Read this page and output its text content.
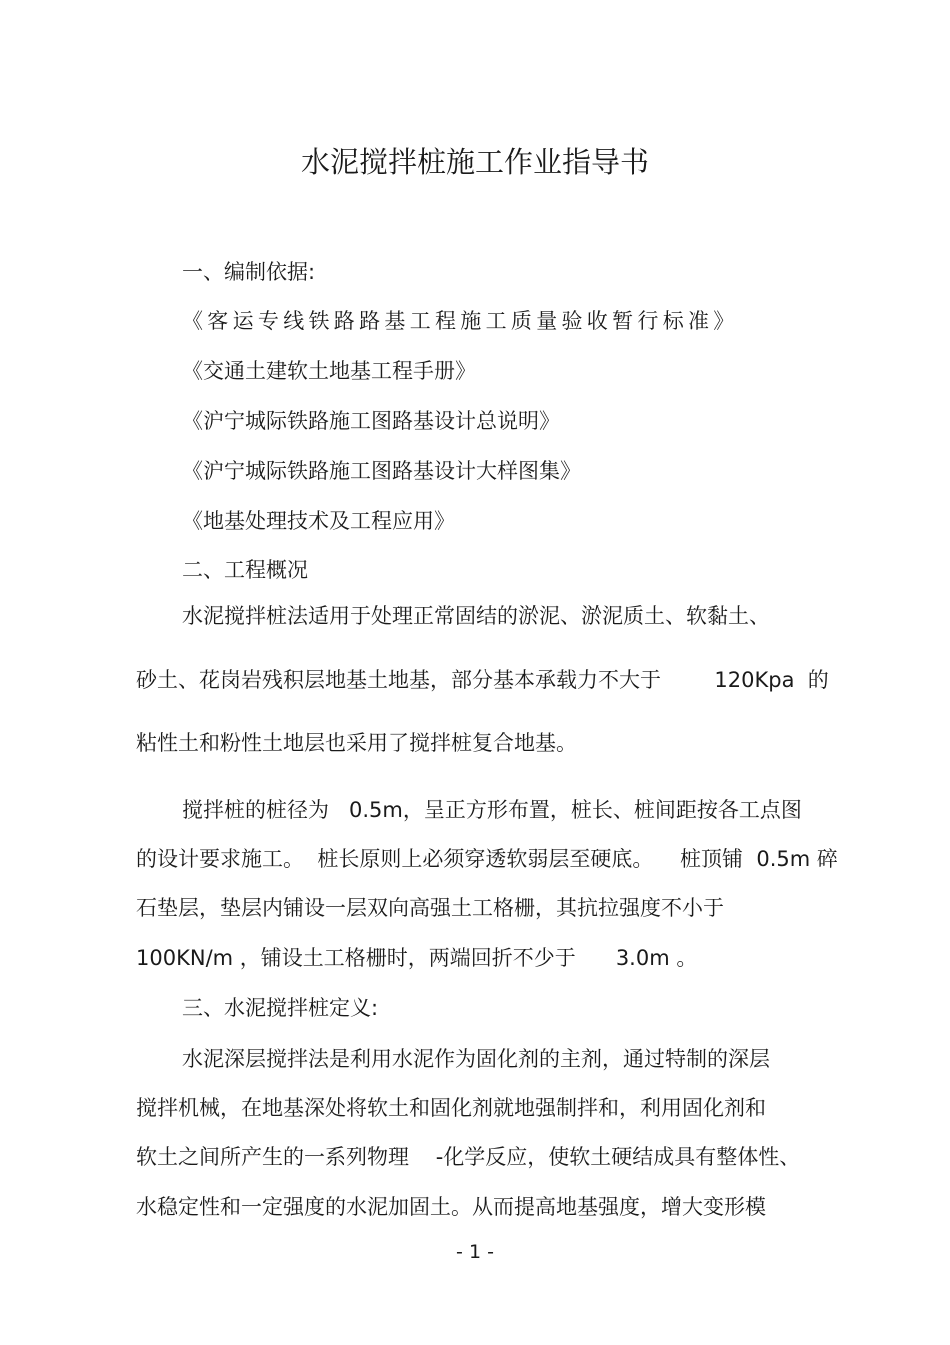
水泥搅拌桩施工作业指导书
一、编制依据:
《客运专线铁路路基工程施工质量验收暂行标准》
《交通土建软土地基工程手册》
《沪宁城际铁路施工图路基设计总说明》
《沪宁城际铁路施工图路基设计大样图集》
《地基处理技术及工程应用》
二、工程概况
水泥搅拌桩法适用于处理正常固结的淤泥、淤泥质土、软黏土、
砂土、花岗岩残积层地基土地基，部分基本承载力不大于        120Kpa  的
粘性土和粉性土地层也采用了搅拌桩复合地基。
搅拌桩的桩径为   0.5m，呈正方形布置，桩长、桩间距按各工点图
的设计要求施工。  桩长原则上必须穿透软弱层至硬底。    桩顶铺  0.5m 碎
石垫层，垫层内铺设一层双向高强土工格栅，其抗拉强度不小于
100KN/m ，铺设土工格栅时，两端回折不少于      3.0m 。
三、水泥搅拌桩定义:
水泥深层搅拌法是利用水泥作为固化剂的主剂，通过特制的深层
搅拌机械，在地基深处将软土和固化剂就地强制拌和，利用固化剂和
软土之间所产生的一系列物理    -化学反应，使软土硬结成具有整体性、
水稳定性和一定强度的水泥加固土。从而提高地基强度，增大变形模
- 1 -
